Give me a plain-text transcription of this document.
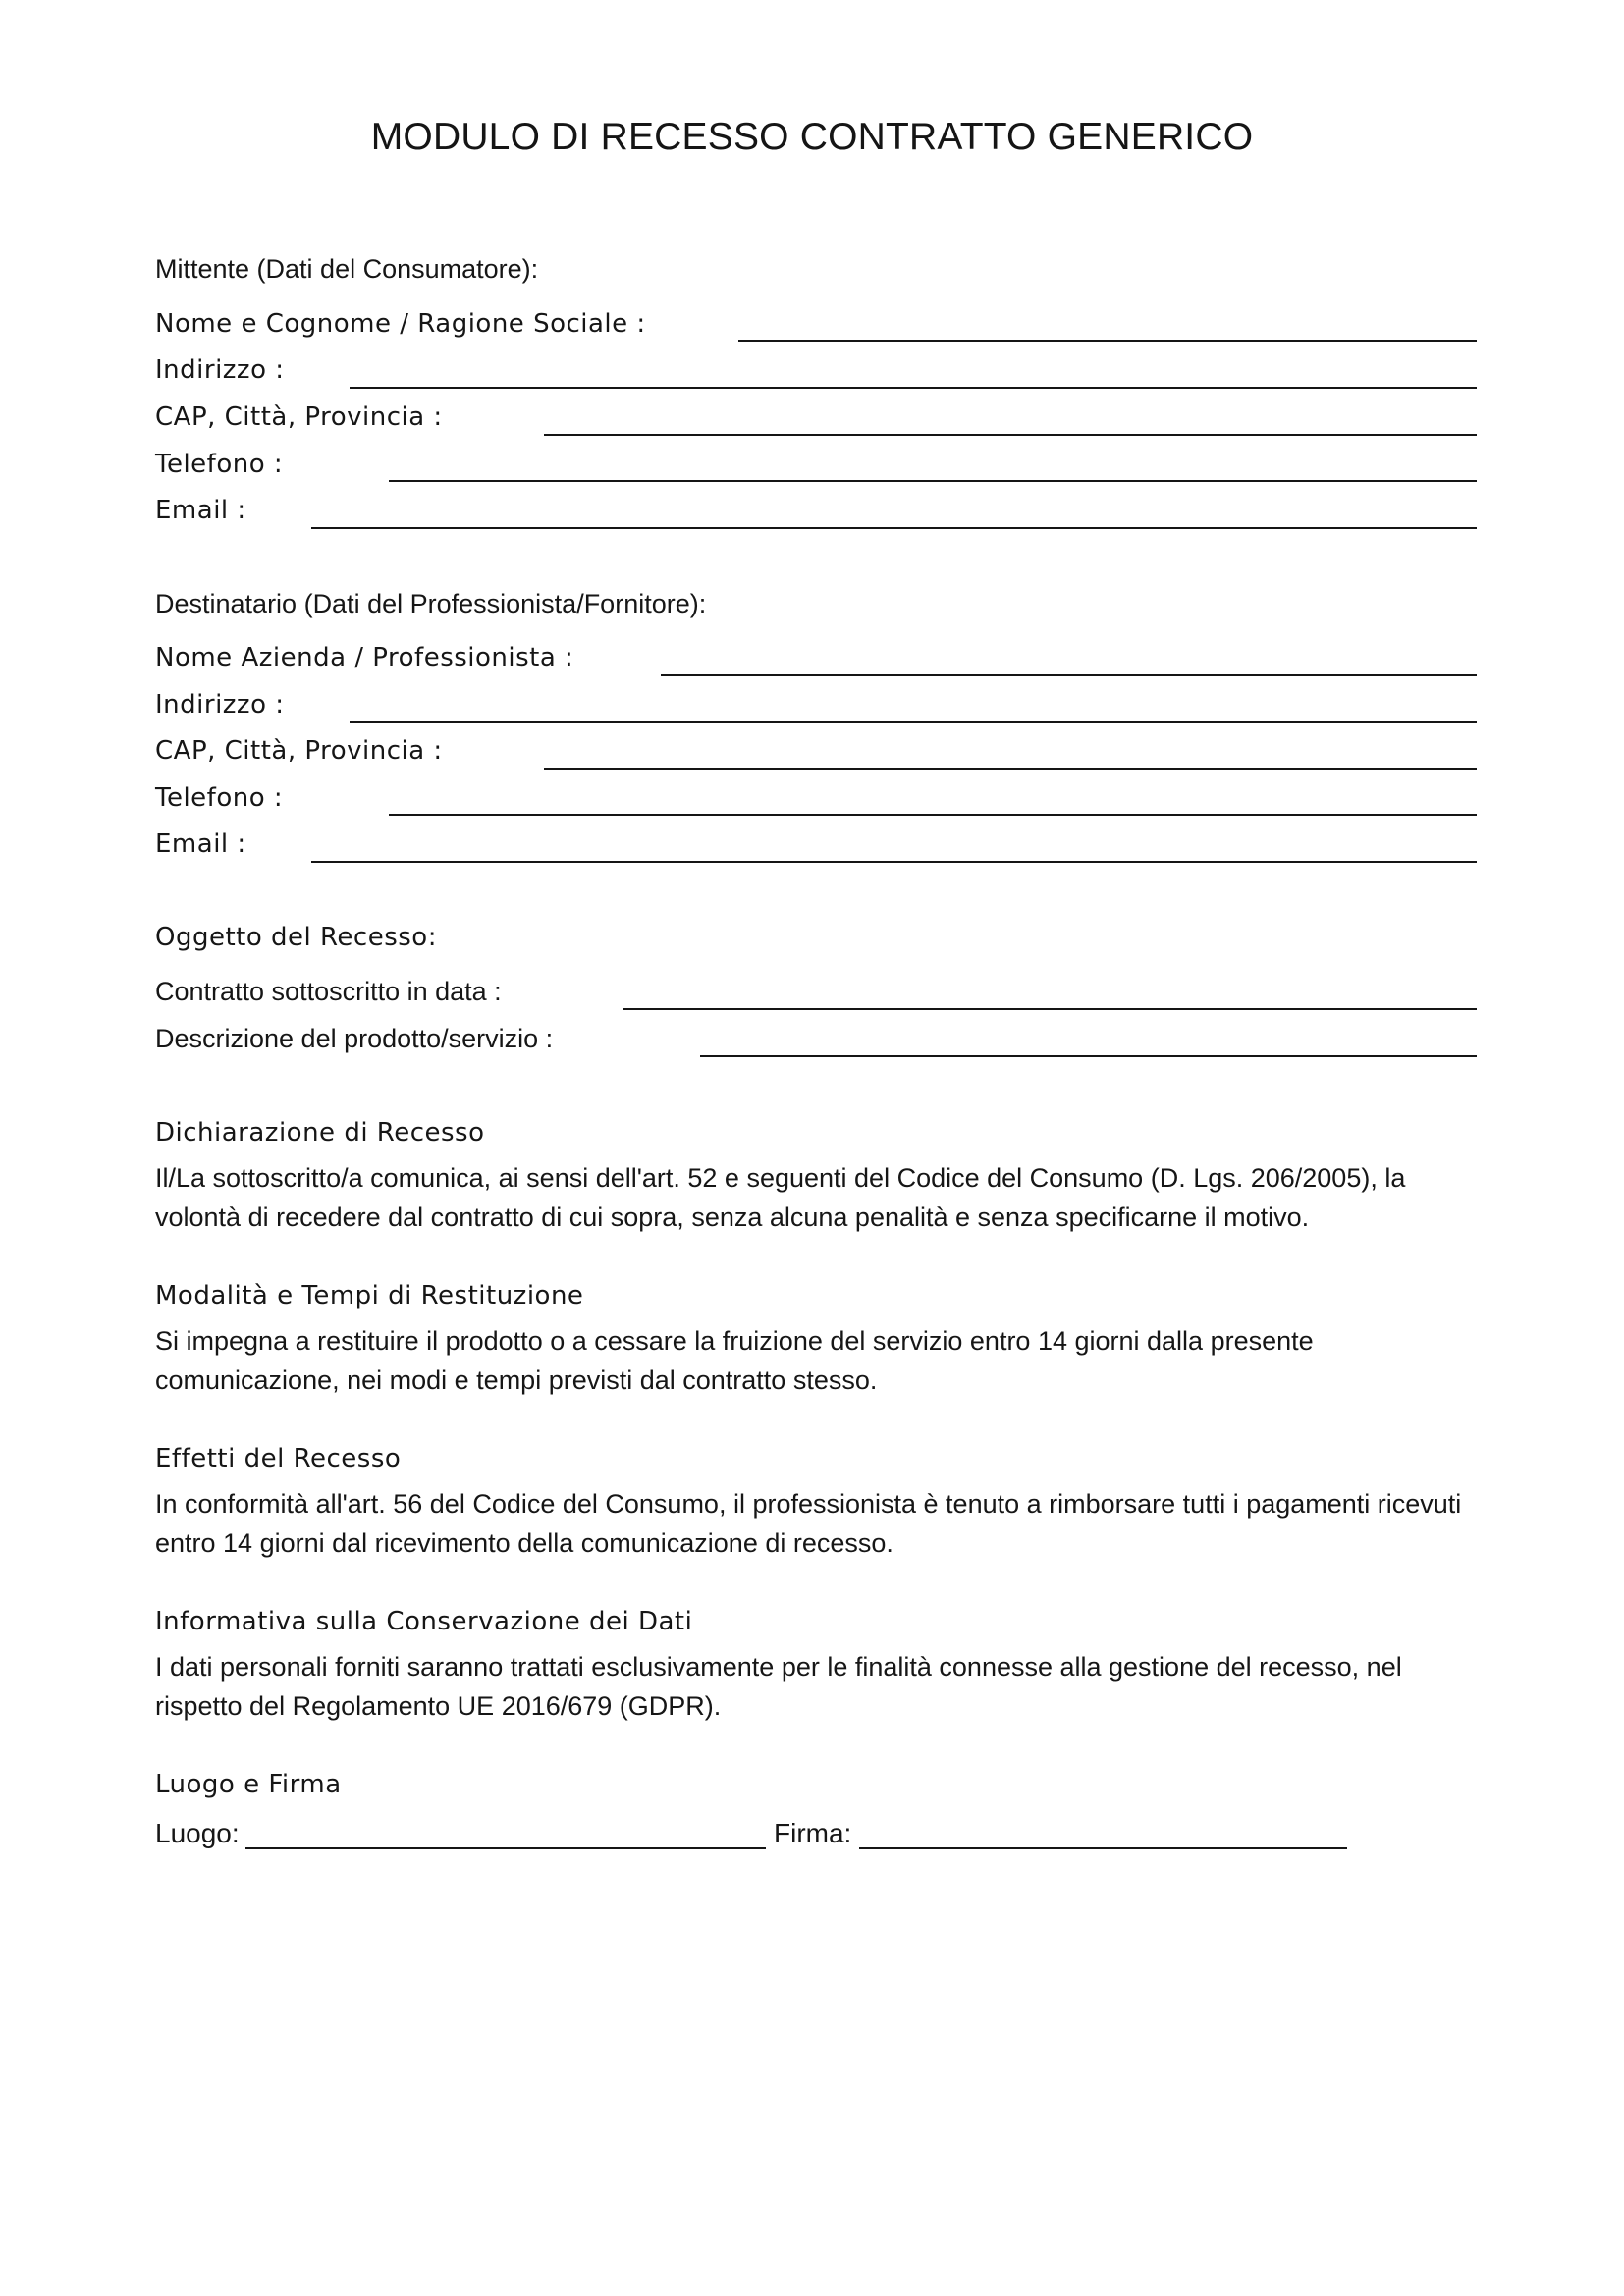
MODULO DI RECESSO CONTRATTO GENERICO
Mittente (Dati del Consumatore):
Nome e Cognome / Ragione Sociale :
Indirizzo :
CAP, Città, Provincia :
Telefono :
Email :
Destinatario (Dati del Professionista/Fornitore):
Nome Azienda / Professionista :
Indirizzo :
CAP, Città, Provincia :
Telefono :
Email :
Oggetto del Recesso:
Contratto sottoscritto in data :
Descrizione del prodotto/servizio :
Dichiarazione di Recesso
Il/La sottoscritto/a comunica, ai sensi dell'art. 52 e seguenti del Codice del Consumo (D. Lgs. 206/2005), la volontà di recedere dal contratto di cui sopra, senza alcuna penalità e senza specificarne il motivo.
Modalità e Tempi di Restituzione
Si impegna a restituire il prodotto o a cessare la fruizione del servizio entro 14 giorni dalla presente comunicazione, nei modi e tempi previsti dal contratto stesso.
Effetti del Recesso
In conformità all'art. 56 del Codice del Consumo, il professionista è tenuto a rimborsare tutti i pagamenti ricevuti entro 14 giorni dal ricevimento della comunicazione di recesso.
Informativa sulla Conservazione dei Dati
I dati personali forniti saranno trattati esclusivamente per le finalità connesse alla gestione del recesso, nel rispetto del Regolamento UE 2016/679 (GDPR).
Luogo e Firma
Luogo:	Firma:
